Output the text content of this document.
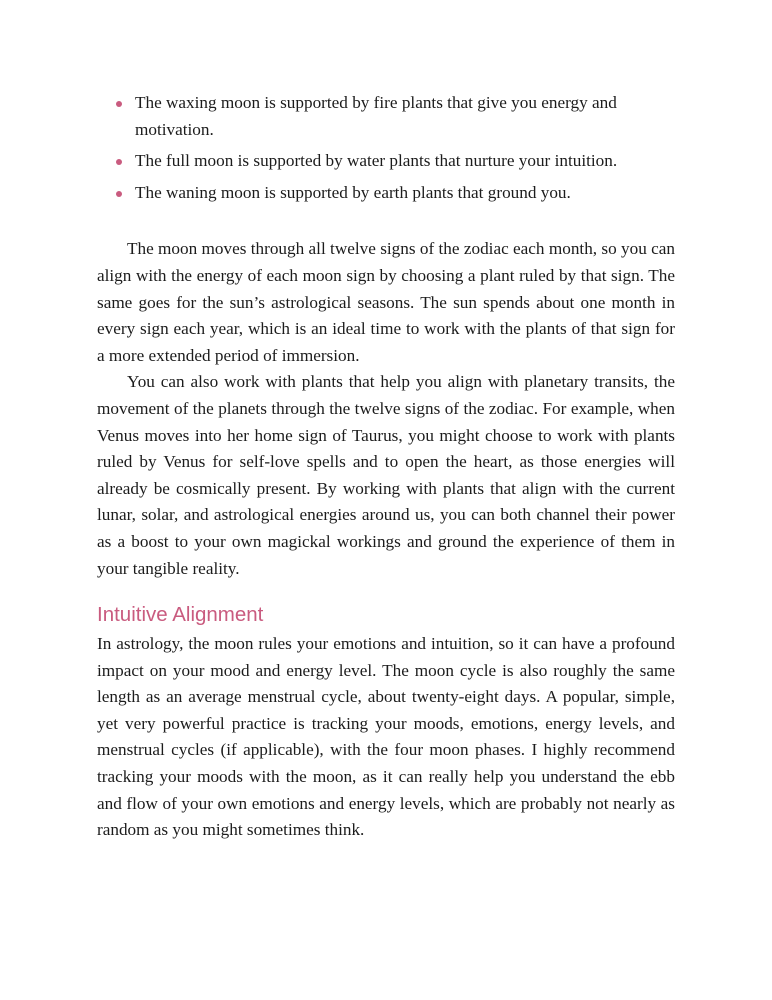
The waxing moon is supported by fire plants that give you energy and motivation.
The full moon is supported by water plants that nurture your intuition.
The waning moon is supported by earth plants that ground you.

The moon moves through all twelve signs of the zodiac each month, so you can align with the energy of each moon sign by choosing a plant ruled by that sign. The same goes for the sun’s astrological seasons. The sun spends about one month in every sign each year, which is an ideal time to work with the plants of that sign for a more extended period of immersion.

You can also work with plants that help you align with planetary transits, the movement of the planets through the twelve signs of the zodiac. For example, when Venus moves into her home sign of Taurus, you might choose to work with plants ruled by Venus for self-love spells and to open the heart, as those energies will already be cosmically present. By working with plants that align with the current lunar, solar, and astrological energies around us, you can both channel their power as a boost to your own magickal workings and ground the experience of them in your tangible reality.

Intuitive Alignment

In astrology, the moon rules your emotions and intuition, so it can have a profound impact on your mood and energy level. The moon cycle is also roughly the same length as an average menstrual cycle, about twenty-eight days. A popular, simple, yet very powerful practice is tracking your moods, emotions, energy levels, and menstrual cycles (if applicable), with the four moon phases. I highly recommend tracking your moods with the moon, as it can really help you understand the ebb and flow of your own emotions and energy levels, which are probably not nearly as random as you might sometimes think.
